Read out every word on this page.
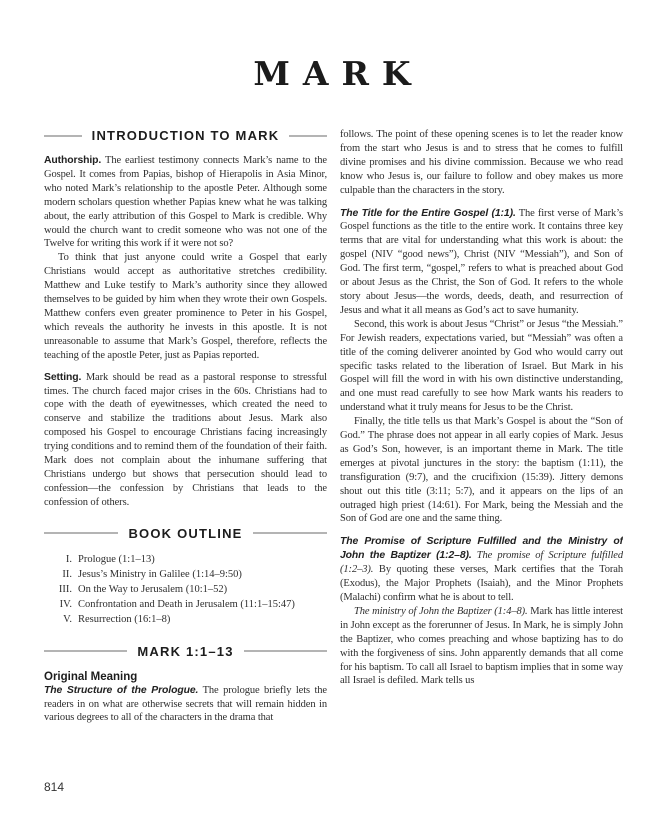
MARK
INTRODUCTION TO MARK

Authorship. The earliest testimony connects Mark’s name to the Gospel. It comes from Papias, bishop of Hierapolis in Asia Minor, who noted Mark’s relationship to the apostle Peter. Although some modern scholars question whether Papias knew what he was talking about, the early attribution of this Gospel to Mark is credible. Why would the church want to credit someone who was not one of the Twelve for writing this work if it were not so?

To think that just anyone could write a Gospel that early Christians would accept as authoritative stretches credibility. Matthew and Luke testify to Mark’s authority since they allowed themselves to be guided by him when they wrote their own Gospels. Matthew confers even greater prominence to Peter in his Gospel, which reveals the authority he invests in this apostle. It is not unreasonable to assume that Mark’s Gospel, therefore, reflects the teaching of the apostle Peter, just as Papias reported.

Setting. Mark should be read as a pastoral response to stressful times. The church faced major crises in the 60s. Christians had to cope with the death of eyewitnesses, which created the need to conserve and stabilize the traditions about Jesus. Mark also composed his Gospel to encourage Christians facing increasingly trying conditions and to remind them of the foundation of their faith. Mark does not complain about the inhumane suffering that Christians undergo but shows that persecution should lead to confession—the confession by Christians that leads to the confession of others.

BOOK OUTLINE
I. Prologue (1:1–13)
II. Jesus’s Ministry in Galilee (1:14–9:50)
III. On the Way to Jerusalem (10:1–52)
IV. Confrontation and Death in Jerusalem (11:1–15:47)
V. Resurrection (16:1–8)
MARK 1:1–13
Original Meaning

The Structure of the Prologue. The prologue briefly lets the readers in on what are otherwise secrets that will remain hidden in various degrees to all of the characters in the drama that

follows. The point of these opening scenes is to let the reader know from the start who Jesus is and to stress that he comes to fulfill divine promises and his divine commission. Because we who read know who Jesus is, our failure to follow and obey makes us more culpable than the characters in the story.

The Title for the Entire Gospel (1:1). The first verse of Mark’s Gospel functions as the title to the entire work. It contains three key terms that are vital for understanding what this work is about: the gospel (NIV “good news”), Christ (NIV “Messiah”), and Son of God. The first term, “gospel,” refers to what is preached about God or about Jesus as the Christ, the Son of God. It refers to the whole story about Jesus—the words, deeds, death, and resurrection of Jesus and what it all means as God’s act to save humanity.

Second, this work is about Jesus “Christ” or Jesus “the Messiah.” For Jewish readers, expectations varied, but “Messiah” was often a title of the coming deliverer anointed by God who would carry out specific tasks related to the liberation of Israel. But Mark in his Gospel will fill the word in with his own distinctive understanding, and one must read carefully to see how Mark wants his readers to understand what it truly means for Jesus to be the Christ.

Finally, the title tells us that Mark’s Gospel is about the “Son of God.” The phrase does not appear in all early copies of Mark. Jesus as God’s Son, however, is an important theme in Mark. The title emerges at pivotal junctures in the story: the baptism (1:11), the transfiguration (9:7), and the crucifixion (15:39). Jittery demons shout out this title (3:11; 5:7), and it appears on the lips of an outraged high priest (14:61). For Mark, being the Messiah and the Son of God are one and the same thing.

The Promise of Scripture Fulfilled and the Ministry of John the Baptizer (1:2–8). The promise of Scripture fulfilled (1:2–3). By quoting these verses, Mark certifies that the Torah (Exodus), the Major Prophets (Isaiah), and the Minor Prophets (Malachi) confirm what he is about to tell.

The ministry of John the Baptizer (1:4–8). Mark has little interest in John except as the forerunner of Jesus. In Mark, he is simply John the Baptizer, who comes preaching and whose baptizing has to do with the forgiveness of sins. John apparently demands that all come for his baptism. To call all Israel to baptism implies that in some way all Israel is defiled. Mark tells us

814
